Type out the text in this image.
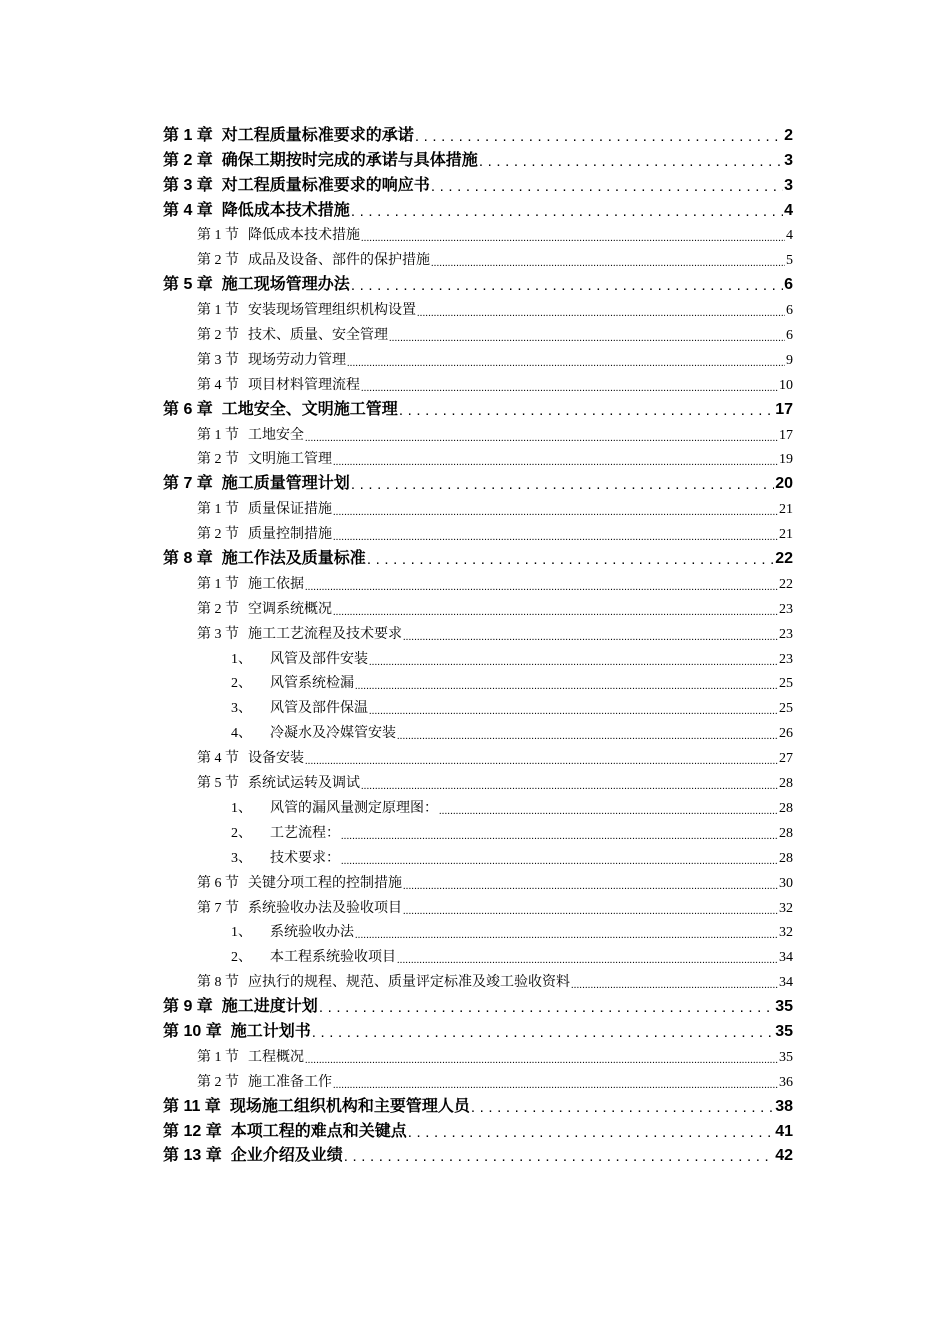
第 1 章 对工程质量标准要求的承诺 .....	2
第 2 章 确保工期按时完成的承诺与具体措施 .....	3
第 3 章 对工程质量标准要求的响应书 .....	3
第 4 章 降低成本技术措施 .....	4
第 1 节 降低成本技术措施 .....	4
第 2 节 成品及设备、部件的保护措施 .....	5
第 5 章 施工现场管理办法 .....	6
第 1 节 安装现场管理组织机构设置 .....	6
第 2 节 技术、质量、安全管理 .....	6
第 3 节 现场劳动力管理 .....	9
第 4 节 项目材料管理流程 .....	10
第 6 章 工地安全、文明施工管理 .....	17
第 1 节 工地安全 .....	17
第 2 节 文明施工管理 .....	19
第 7 章 施工质量管理计划 .....	20
第 1 节 质量保证措施 .....	21
第 2 节 质量控制措施 .....	21
第 8 章 施工作法及质量标准 .....	22
第 1 节 施工依据 .....	22
第 2 节 空调系统概况 .....	23
第 3 节 施工工艺流程及技术要求 .....	23
1、 风管及部件安装 .....	23
2、 风管系统检漏 .....	25
3、 风管及部件保温 .....	25
4、 冷凝水及冷媒管安装 .....	26
第 4 节 设备安装 .....	27
第 5 节 系统试运转及调试 .....	28
1、 风管的漏风量测定原理图： .....	28
2、 工艺流程： .....	28
3、 技术要求： .....	28
第 6 节 关键分项工程的控制措施 .....	30
第 7 节 系统验收办法及验收项目 .....	32
1、 系统验收办法 .....	32
2、 本工程系统验收项目 .....	34
第 8 节 应执行的规程、规范、质量评定标准及竣工验收资料 .....	34
第 9 章 施工进度计划 .....	35
第 10 章 施工计划书 .....	35
第 1 节 工程概况 .....	35
第 2 节 施工准备工作 .....	36
第 11 章 现场施工组织机构和主要管理人员 .....	38
第 12 章 本项工程的难点和关键点 .....	41
第 13 章 企业介绍及业绩 .....	42
